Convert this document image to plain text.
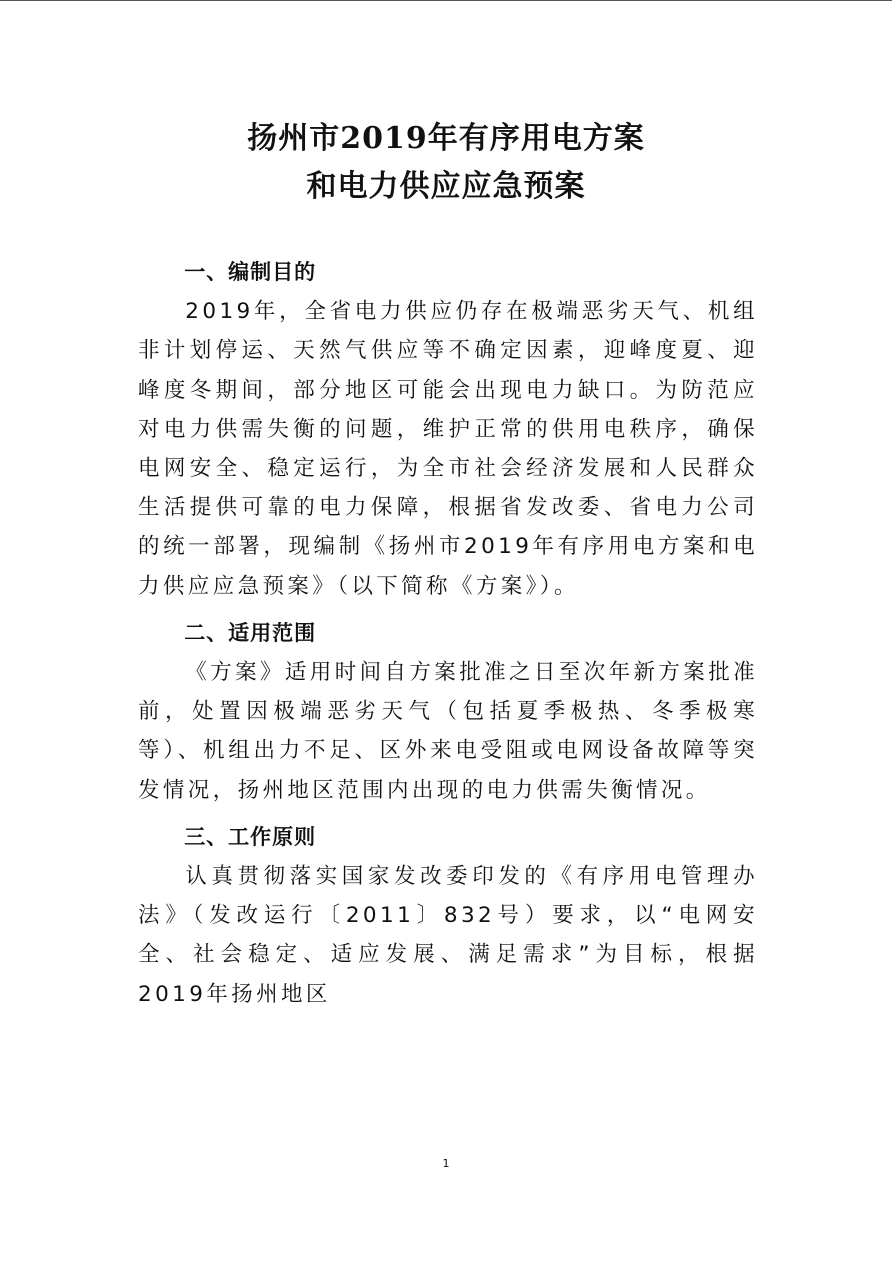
扬州市2019年有序用电方案
和电力供应应急预案
一、编制目的

2019年，全省电力供应仍存在极端恶劣天气、机组非计划停运、天然气供应等不确定因素，迎峰度夏、迎峰度冬期间，部分地区可能会出现电力缺口。为防范应对电力供需失衡的问题，维护正常的供用电秩序，确保电网安全、稳定运行，为全市社会经济发展和人民群众生活提供可靠的电力保障，根据省发改委、省电力公司的统一部署，现编制《扬州市2019年有序用电方案和电力供应应急预案》（以下简称《方案》）。

二、适用范围

《方案》适用时间自方案批准之日至次年新方案批准前，处置因极端恶劣天气（包括夏季极热、冬季极寒等）、机组出力不足、区外来电受阻或电网设备故障等突发情况，扬州地区范围内出现的电力供需失衡情况。

三、工作原则

认真贯彻落实国家发改委印发的《有序用电管理办法》（发改运行〔2011〕832号）要求，以“电网安全、社会稳定、适应发展、满足需求”为目标，根据2019年扬州地区

1
